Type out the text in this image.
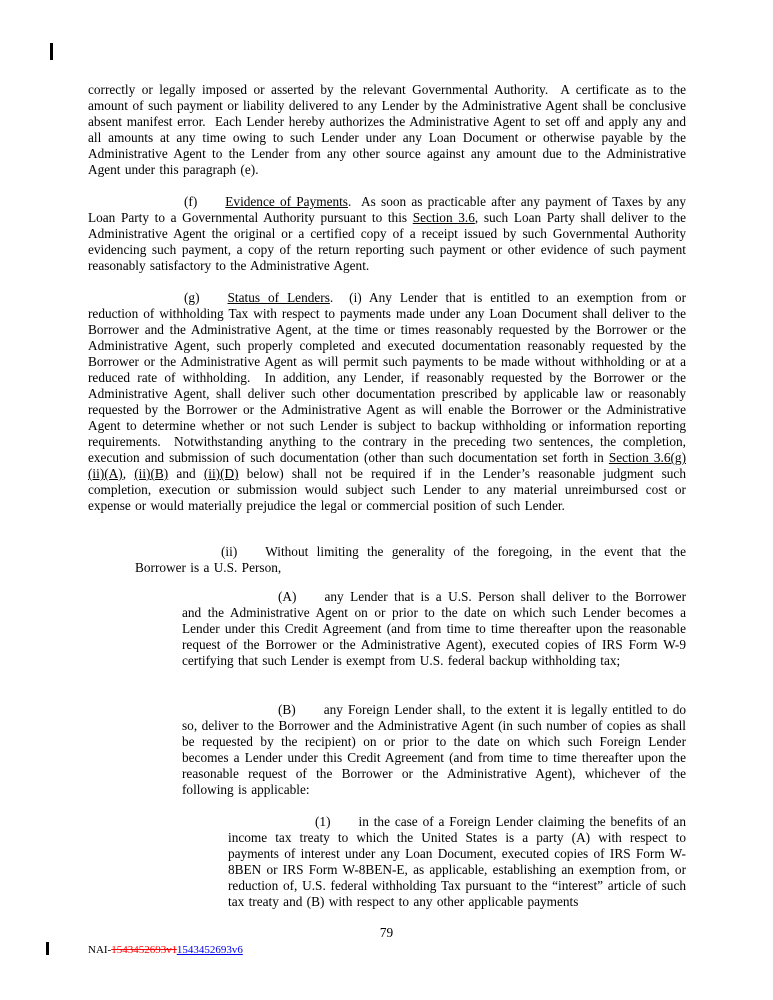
correctly or legally imposed or asserted by the relevant Governmental Authority.  A certificate as to the amount of such payment or liability delivered to any Lender by the Administrative Agent shall be conclusive absent manifest error.  Each Lender hereby authorizes the Administrative Agent to set off and apply any and all amounts at any time owing to such Lender under any Loan Document or otherwise payable by the Administrative Agent to the Lender from any other source against any amount due to the Administrative Agent under this paragraph (e).
(f) Evidence of Payments.  As soon as practicable after any payment of Taxes by any Loan Party to a Governmental Authority pursuant to this Section 3.6, such Loan Party shall deliver to the Administrative Agent the original or a certified copy of a receipt issued by such Governmental Authority evidencing such payment, a copy of the return reporting such payment or other evidence of such payment reasonably satisfactory to the Administrative Agent.
(g) Status of Lenders.  (i) Any Lender that is entitled to an exemption from or reduction of withholding Tax with respect to payments made under any Loan Document shall deliver to the Borrower and the Administrative Agent, at the time or times reasonably requested by the Borrower or the Administrative Agent, such properly completed and executed documentation reasonably requested by the Borrower or the Administrative Agent as will permit such payments to be made without withholding or at a reduced rate of withholding.  In addition, any Lender, if reasonably requested by the Borrower or the Administrative Agent, shall deliver such other documentation prescribed by applicable law or reasonably requested by the Borrower or the Administrative Agent as will enable the Borrower or the Administrative Agent to determine whether or not such Lender is subject to backup withholding or information reporting requirements.  Notwithstanding anything to the contrary in the preceding two sentences, the completion, execution and submission of such documentation (other than such documentation set forth in Section 3.6(g)(ii)(A), (ii)(B) and (ii)(D) below) shall not be required if in the Lender’s reasonable judgment such completion, execution or submission would subject such Lender to any material unreimbursed cost or expense or would materially prejudice the legal or commercial position of such Lender.
(ii) Without limiting the generality of the foregoing, in the event that the Borrower is a U.S. Person,
(A) any Lender that is a U.S. Person shall deliver to the Borrower and the Administrative Agent on or prior to the date on which such Lender becomes a Lender under this Credit Agreement (and from time to time thereafter upon the reasonable request of the Borrower or the Administrative Agent), executed copies of IRS Form W-9 certifying that such Lender is exempt from U.S. federal backup withholding tax;
(B) any Foreign Lender shall, to the extent it is legally entitled to do so, deliver to the Borrower and the Administrative Agent (in such number of copies as shall be requested by the recipient) on or prior to the date on which such Foreign Lender becomes a Lender under this Credit Agreement (and from time to time thereafter upon the reasonable request of the Borrower or the Administrative Agent), whichever of the following is applicable:
(1) in the case of a Foreign Lender claiming the benefits of an income tax treaty to which the United States is a party (A) with respect to payments of interest under any Loan Document, executed copies of IRS Form W-8BEN or IRS Form W-8BEN-E, as applicable, establishing an exemption from, or reduction of, U.S. federal withholding Tax pursuant to the “interest” article of such tax treaty and (B) with respect to any other applicable payments
79
NAI-1543452693v11543452693v6
